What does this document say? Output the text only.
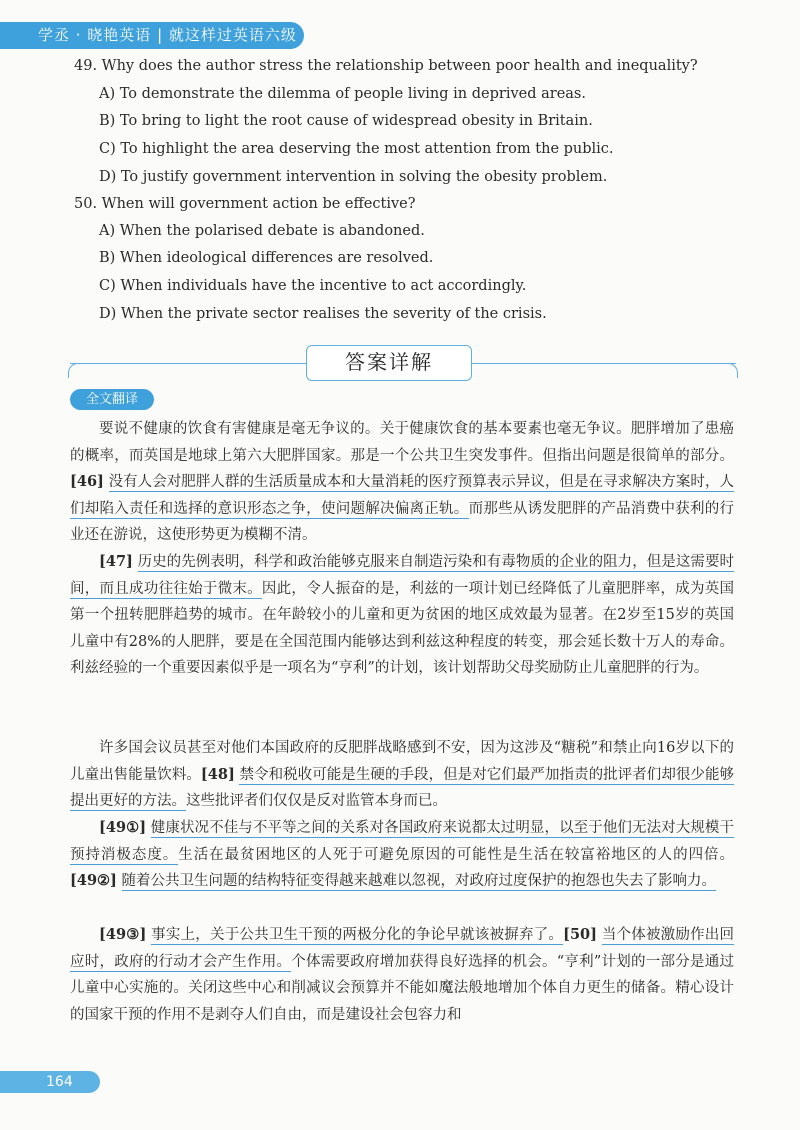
学丞 · 晓艳英语 | 就这样过英语六级
49. Why does the author stress the relationship between poor health and inequality?
A) To demonstrate the dilemma of people living in deprived areas.
B) To bring to light the root cause of widespread obesity in Britain.
C) To highlight the area deserving the most attention from the public.
D) To justify government intervention in solving the obesity problem.
50. When will government action be effective?
A) When the polarised debate is abandoned.
B) When ideological differences are resolved.
C) When individuals have the incentive to act accordingly.
D) When the private sector realises the severity of the crisis.
答案详解
全文翻译

要说不健康的饮食有害健康是毫无争议的。关于健康饮食的基本要素也毫无争议。肥胖增加了患癌的概率，而英国是地球上第六大肥胖国家。那是一个公共卫生突发事件。但指出问题是很简单的部分。[46] 没有人会对肥胖人群的生活质量成本和大量消耗的医疗预算表示异议，但是在寻求解决方案时，人们却陷入责任和选择的意识形态之争，使问题解决偏离正轨。而那些从诱发肥胖的产品消费中获利的行业还在游说，这使形势更为模糊不清。

[47] 历史的先例表明，科学和政治能够克服来自制造污染和有毒物质的企业的阻力，但是这需要时间，而且成功往往始于微末。因此，令人振奋的是，利兹的一项计划已经降低了儿童肥胖率，成为英国第一个扭转肥胖趋势的城市。在年龄较小的儿童和更为贫困的地区成效最为显著。在2岁至15岁的英国儿童中有28%的人肥胖，要是在全国范围内能够达到利兹这种程度的转变，那会延长数十万人的寿命。利兹经验的一个重要因素似乎是一项名为“亨利”的计划，该计划帮助父母奖励防止儿童肥胖的行为。

许多国会议员甚至对他们本国政府的反肥胖战略感到不安，因为这涉及“糖税”和禁止向16岁以下的儿童出售能量饮料。[48] 禁令和税收可能是生硬的手段，但是对它们最严加指责的批评者们却很少能够提出更好的方法。这些批评者们仅仅是反对监管本身而已。

[49①] 健康状况不佳与不平等之间的关系对各国政府来说都太过明显，以至于他们无法对大规模干预持消极态度。生活在最贫困地区的人死于可避免原因的可能性是生活在较富裕地区的人的四倍。[49②] 随着公共卫生问题的结构特征变得越来越难以忽视，对政府过度保护的抱怨也失去了影响力。

[49③] 事实上，关于公共卫生干预的两极分化的争论早就该被摒弃了。[50] 当个体被激励作出回应时，政府的行动才会产生作用。个体需要政府增加获得良好选择的机会。“亨利”计划的一部分是通过儿童中心实施的。关闭这些中心和削减议会预算并不能如魔法般地增加个体自力更生的储备。精心设计的国家干预的作用不是剥夺人们自由，而是建设社会包容力和

164
